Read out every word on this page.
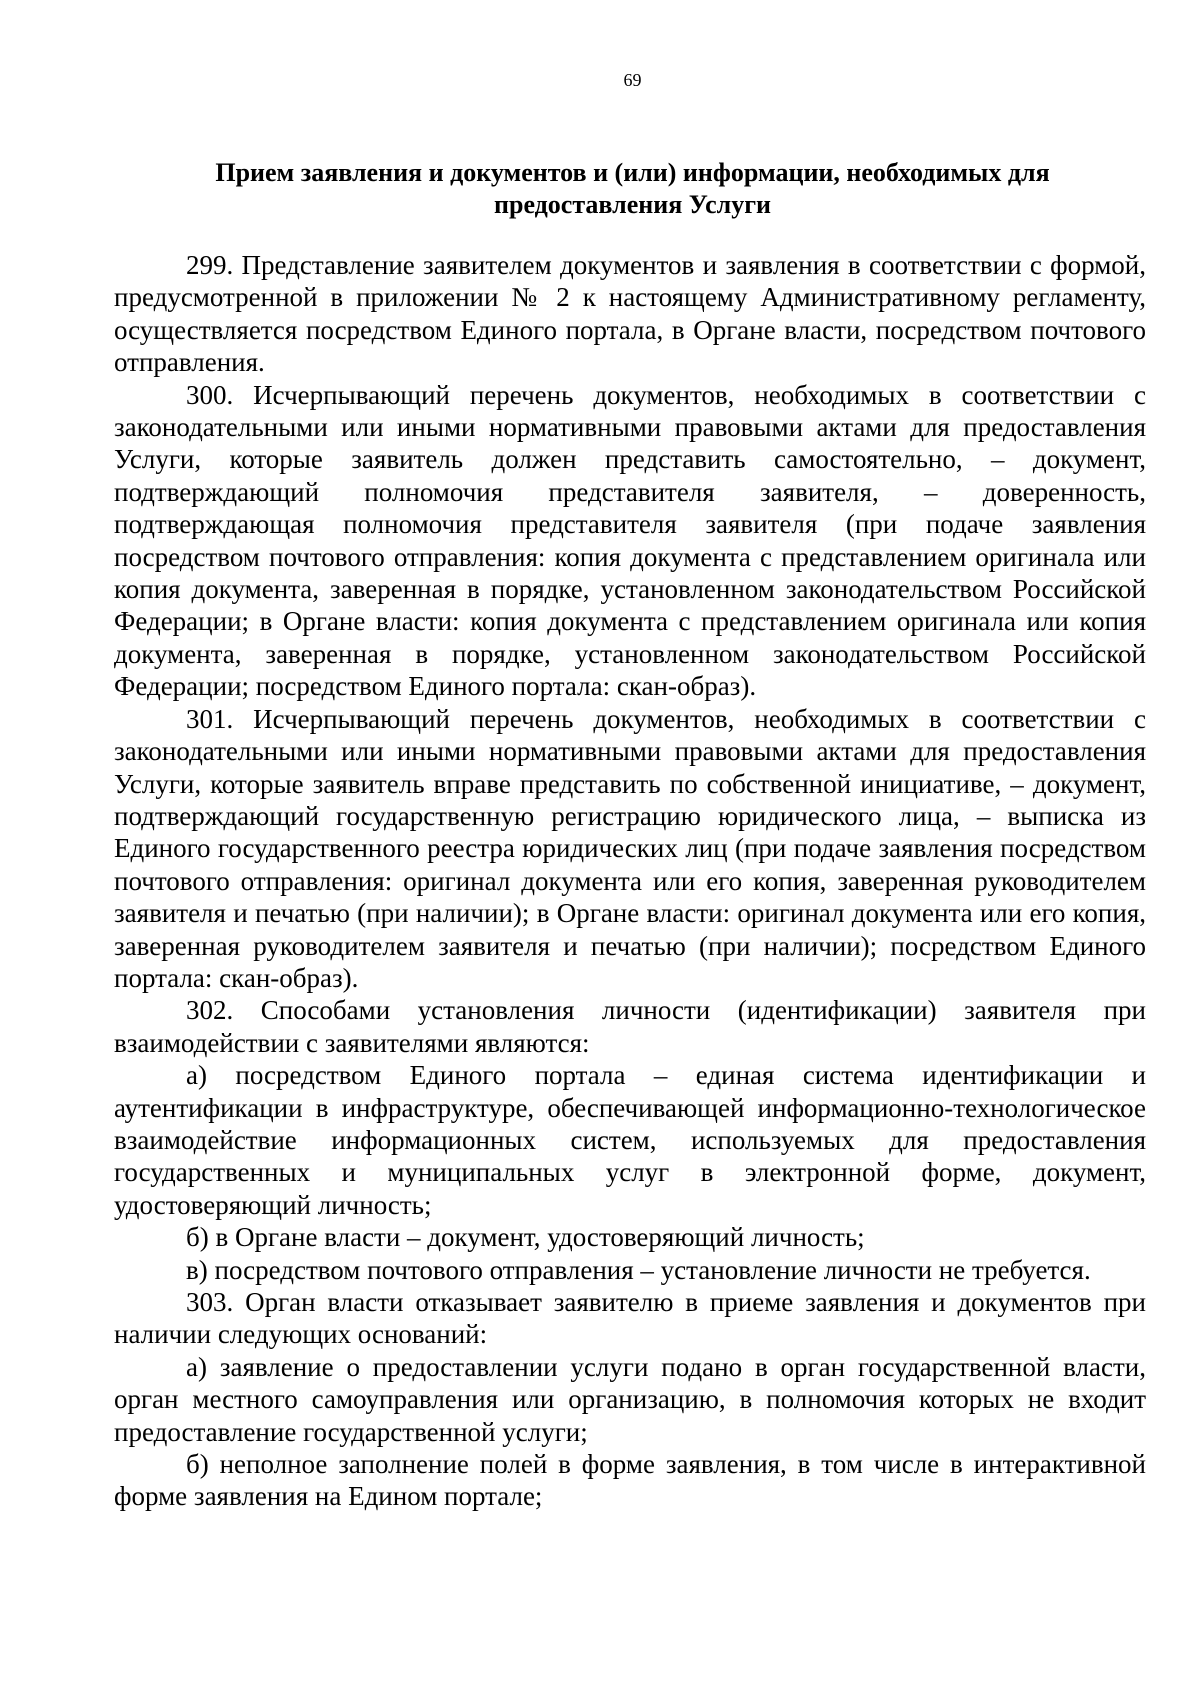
69
Прием заявления и документов и (или) информации, необходимых для предоставления Услуги

299. Представление заявителем документов и заявления в соответствии с формой, предусмотренной в приложении № 2 к настоящему Административному регламенту, осуществляется посредством Единого портала, в Органе власти, посредством почтового отправления.

300. Исчерпывающий перечень документов, необходимых в соответствии с законодательными или иными нормативными правовыми актами для предоставления Услуги, которые заявитель должен представить самостоятельно, – документ, подтверждающий полномочия представителя заявителя, – доверенность, подтверждающая полномочия представителя заявителя (при подаче заявления посредством почтового отправления: копия документа с представлением оригинала или копия документа, заверенная в порядке, установленном законодательством Российской Федерации; в Органе власти: копия документа с представлением оригинала или копия документа, заверенная в порядке, установленном законодательством Российской Федерации; посредством Единого портала: скан-образ).

301. Исчерпывающий перечень документов, необходимых в соответствии с законодательными или иными нормативными правовыми актами для предоставления Услуги, которые заявитель вправе представить по собственной инициативе, – документ, подтверждающий государственную регистрацию юридического лица, – выписка из Единого государственного реестра юридических лиц (при подаче заявления посредством почтового отправления: оригинал документа или его копия, заверенная руководителем заявителя и печатью (при наличии); в Органе власти: оригинал документа или его копия, заверенная руководителем заявителя и печатью (при наличии); посредством Единого портала: скан-образ).

302. Способами установления личности (идентификации) заявителя при взаимодействии с заявителями являются:

а) посредством Единого портала – единая система идентификации и аутентификации в инфраструктуре, обеспечивающей информационно-технологическое взаимодействие информационных систем, используемых для предоставления государственных и муниципальных услуг в электронной форме, документ, удостоверяющий личность;

б) в Органе власти – документ, удостоверяющий личность;

в) посредством почтового отправления – установление личности не требуется.

303. Орган власти отказывает заявителю в приеме заявления и документов при наличии следующих оснований:

а) заявление о предоставлении услуги подано в орган государственной власти, орган местного самоуправления или организацию, в полномочия которых не входит предоставление государственной услуги;

б) неполное заполнение полей в форме заявления, в том числе в интерактивной форме заявления на Едином портале;
